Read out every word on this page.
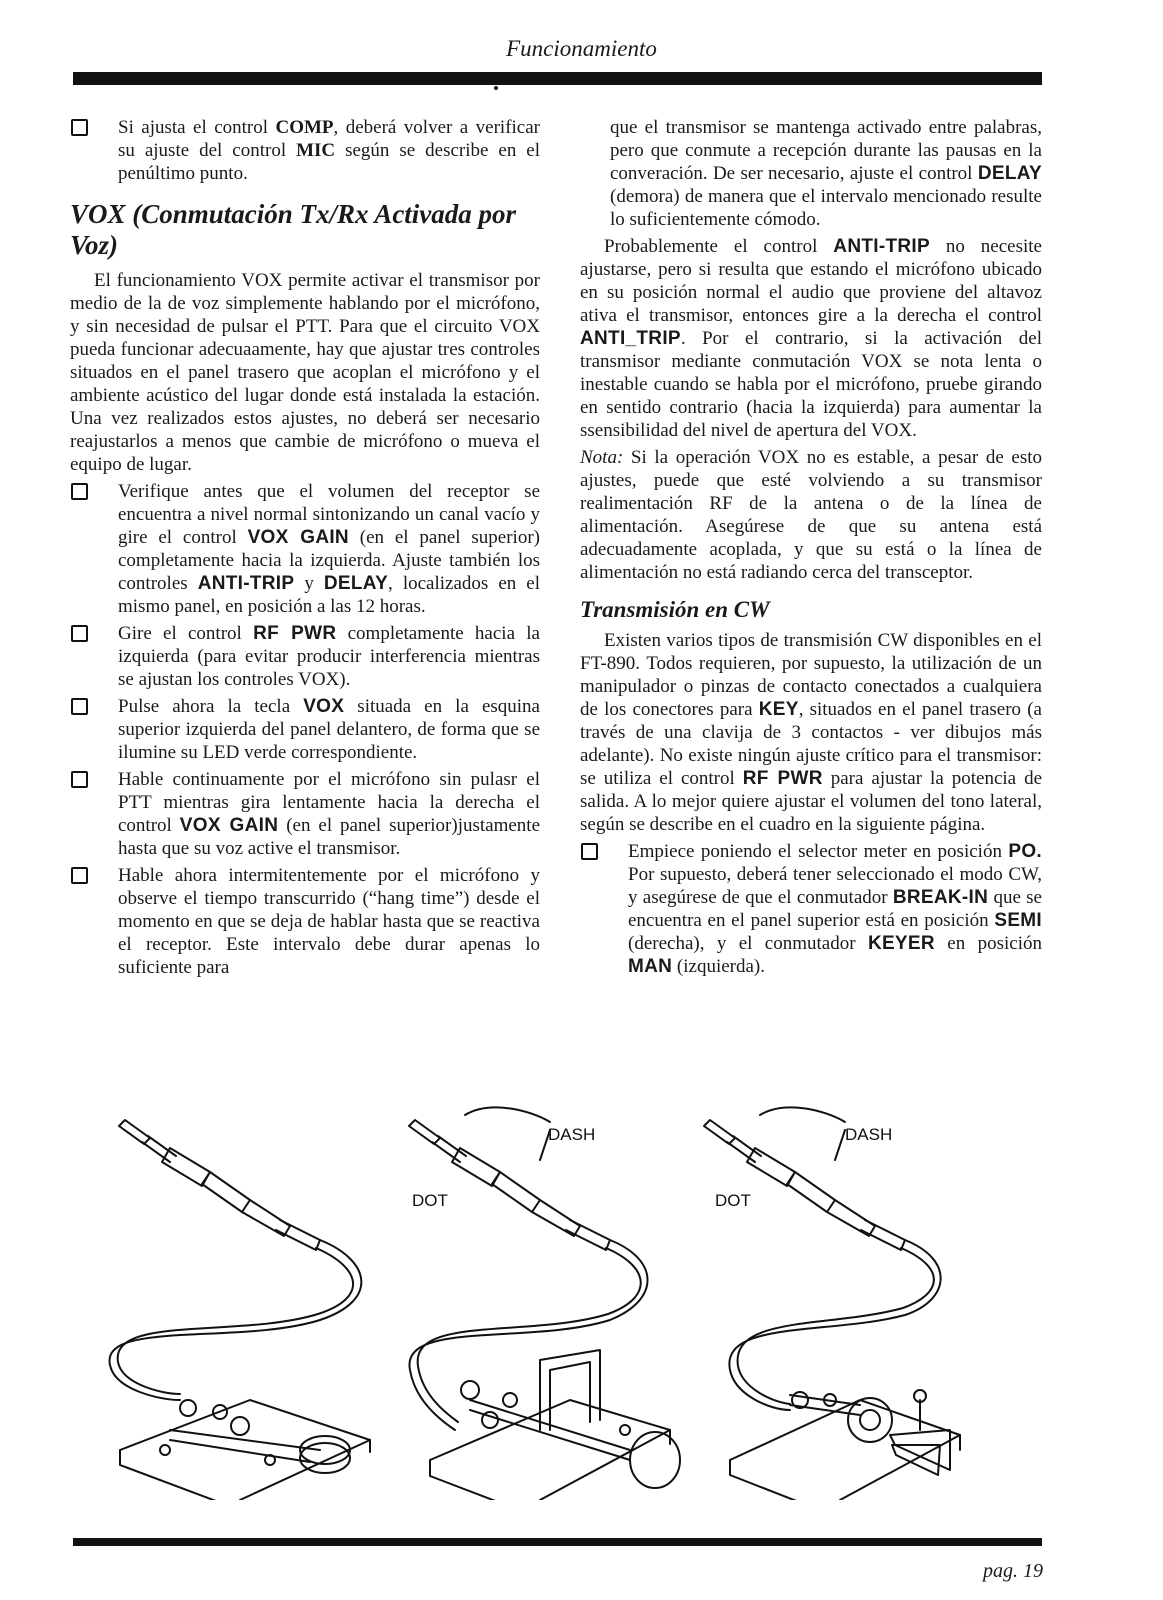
Funcionamiento
Si ajusta el control COMP, deberá volver a verificar su ajuste del control MIC según se describe en el penúltimo punto.
VOX (Conmutación Tx/Rx Activada por Voz)

El funcionamiento VOX permite activar el transmisor por medio de la de voz simplemente hablando por el micrófono, y sin necesidad de pulsar el PTT. Para que el circuito VOX pueda funcionar adecuaamente, hay que ajustar tres controles situados en el panel trasero que acoplan el micrófono y el ambiente acústico del lugar donde está instalada la estación. Una vez realizados estos ajustes, no deberá ser necesario reajustarlos a menos que cambie de micrófono o mueva el equipo de lugar.

Verifique antes que el volumen del receptor se encuentra a nivel normal sintonizando un canal vacío y gire el control VOX GAIN (en el panel superior) completamente hacia la izquierda. Ajuste también los controles ANTI-TRIP y DELAY, localizados en el mismo panel, en posición a las 12 horas.
Gire el control RF PWR completamente hacia la izquierda (para evitar producir interferencia mientras se ajustan los controles VOX).
Pulse ahora la tecla VOX situada en la esquina superior izquierda del panel delantero, de forma que se ilumine su LED verde correspondiente.
Hable continuamente por el micrófono sin pulasr el PTT mientras gira lentamente hacia la derecha el control VOX GAIN (en el panel superior)justamente hasta que su voz active el transmisor.
Hable ahora intermitentemente por el micrófono y observe el tiempo transcurrido (“hang time”) desde el momento en que se deja de hablar hasta que se reactiva el receptor. Este intervalo debe durar apenas lo suficiente para

que el transmisor se mantenga activado entre palabras, pero que conmute a recepción durante las pausas en la converación. De ser necesario, ajuste el control DELAY (demora) de manera que el intervalo mencionado resulte lo suficientemente cómodo.

Probablemente el control ANTI-TRIP no necesite ajustarse, pero si resulta que estando el micrófono ubicado en su posición normal el audio que proviene del altavoz ativa el transmisor, entonces gire a la derecha el control ANTI_TRIP. Por el contrario, si la activación del transmisor mediante conmutación VOX se nota lenta o inestable cuando se habla por el micrófono, pruebe girando en sentido contrario (hacia la izquierda) para aumentar la ssensibilidad del nivel de apertura del VOX.

Nota: Si la operación VOX no es estable, a pesar de esto ajustes, puede que esté volviendo a su transmisor realimentación RF de la antena o de la línea de alimentación. Asegúrese de que su antena está adecuadamente acoplada, y que su está o la línea de alimentación no está radiando cerca del transceptor.

Transmisión en CW

Existen varios tipos de transmisión CW disponibles en el FT-890. Todos requieren, por supuesto, la utilización de un manipulador o pinzas de contacto conectados a cualquiera de los conectores para KEY, situados en el panel trasero (a través de una clavija de 3 contactos - ver dibujos más adelante). No existe ningún ajuste crítico para el transmisor: se utiliza el control RF PWR para ajustar la potencia de salida. A lo mejor quiere ajustar el volumen del tono lateral, según se describe en el cuadro en la siguiente página.

Empiece poniendo el selector meter en posición PO. Por supuesto, deberá tener seleccionado el modo CW, y asegúrese de que el conmutador BREAK-IN que se encuentra en el panel superior está en posición SEMI (derecha), y el conmutador KEYER en posición MAN (izquierda).
DASH
DOT
DASH
DOT
pag. 19
